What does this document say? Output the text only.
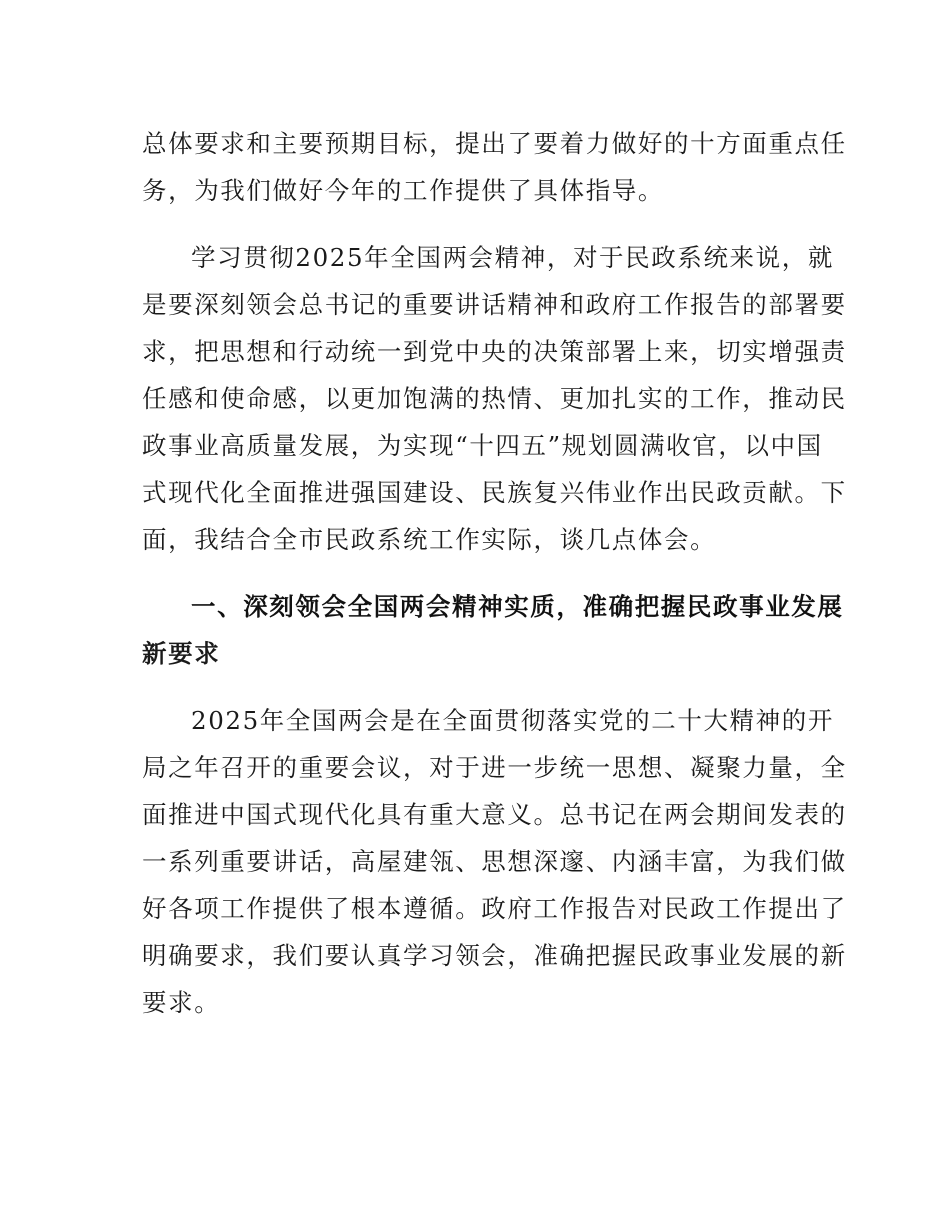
总体要求和主要预期目标，提出了要着力做好的十方面重点任
务，为我们做好今年的工作提供了具体指导。

学习贯彻2025年全国两会精神，对于民政系统来说，就
是要深刻领会总书记的重要讲话精神和政府工作报告的部署要
求，把思想和行动统一到党中央的决策部署上来，切实增强责
任感和使命感，以更加饱满的热情、更加扎实的工作，推动民
政事业高质量发展，为实现“十四五”规划圆满收官，以中国
式现代化全面推进强国建设、民族复兴伟业作出民政贡献。下
面，我结合全市民政系统工作实际，谈几点体会。

一、深刻领会全国两会精神实质，准确把握民政事业发展
新要求

2025年全国两会是在全面贯彻落实党的二十大精神的开
局之年召开的重要会议，对于进一步统一思想、凝聚力量，全
面推进中国式现代化具有重大意义。总书记在两会期间发表的
一系列重要讲话，高屋建瓴、思想深邃、内涵丰富，为我们做
好各项工作提供了根本遵循。政府工作报告对民政工作提出了
明确要求，我们要认真学习领会，准确把握民政事业发展的新
要求。
